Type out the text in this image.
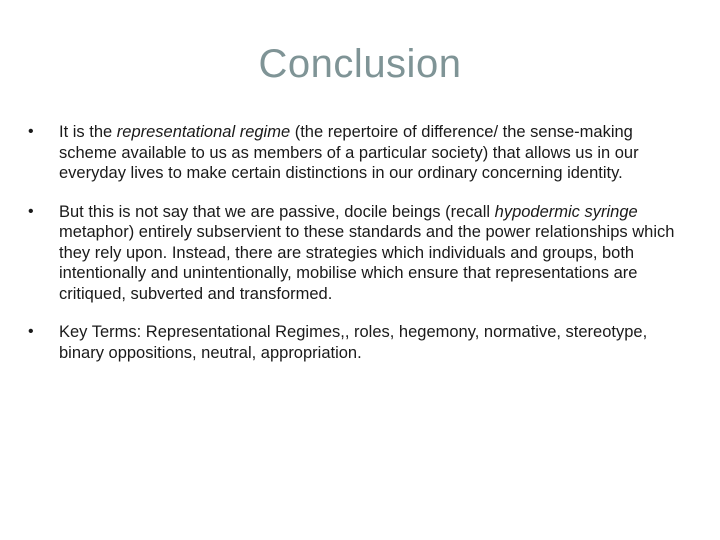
Conclusion
•	It is the representational regime (the repertoire of difference/ the sense-making scheme available to us as members of a particular society) that allows us in our everyday lives to make certain distinctions in our ordinary concerning identity.
•	But this is not say that we are passive, docile beings (recall hypodermic syringe metaphor) entirely subservient to these standards and the power relationships which they rely upon. Instead, there are strategies which individuals and groups, both intentionally and unintentionally, mobilise which ensure that representations are critiqued, subverted and transformed.
•	Key Terms: Representational Regimes,, roles, hegemony, normative, stereotype, binary oppositions, neutral, appropriation.
